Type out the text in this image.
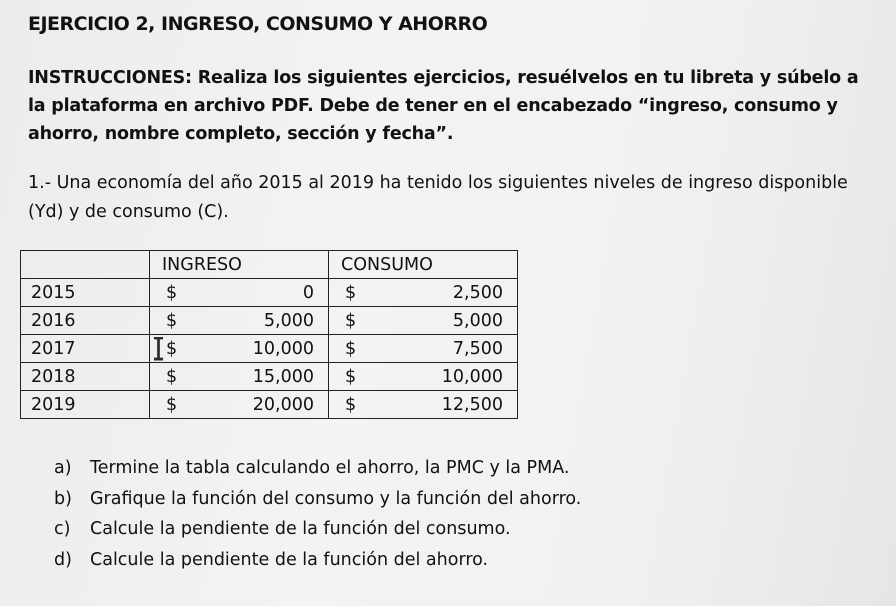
EJERCICIO 2, INGRESO, CONSUMO Y AHORRO
INSTRUCCIONES: Realiza los siguientes ejercicios, resuélvelos en tu libreta y súbelo a la plataforma en archivo PDF. Debe de tener en el encabezado “ingreso, consumo y ahorro, nombre completo, sección y fecha”.
1.- Una economía del año 2015 al 2019 ha tenido los siguientes niveles de ingreso disponible (Yd) y de consumo (C).
	INGRESO	CONSUMO
2015	$ 0	$ 2,500

2016	$ 5,000	$ 5,000

2017	$ 10,000	$ 7,500

2018	$ 15,000	$ 10,000

2019	$ 20,000	$ 12,500
a)	Termine la tabla calculando el ahorro, la PMC y la PMA.
b)	Grafique la función del consumo y la función del ahorro.
c)	Calcule la pendiente de la función del consumo.
d)	Calcule la pendiente de la función del ahorro.
